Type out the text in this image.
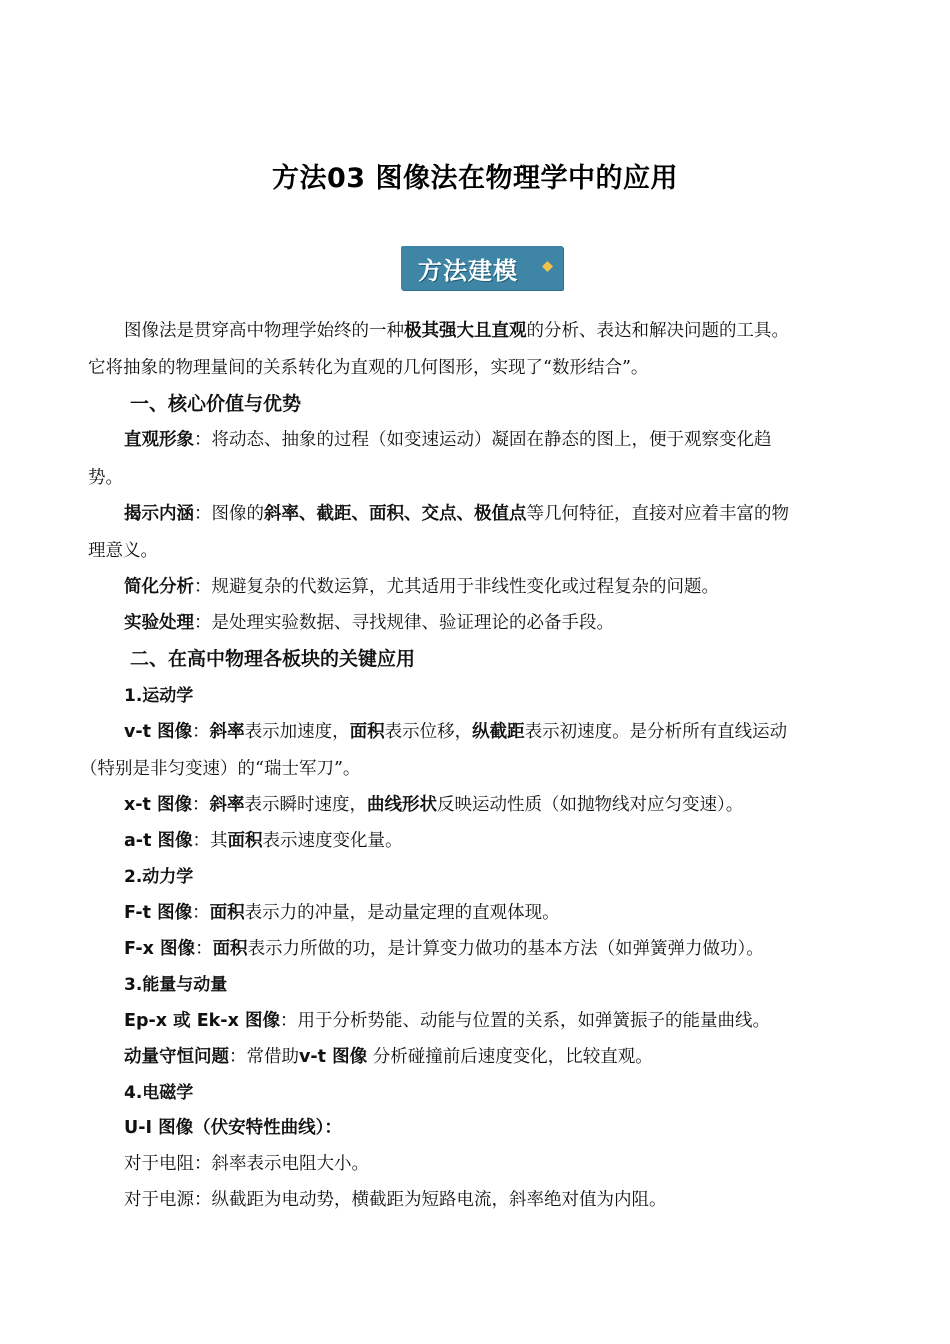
方法03 图像法在物理学中的应用
方法建模
图像法是贯穿高中物理学始终的一种极其强大且直观的分析、表达和解决问题的工具。
它将抽象的物理量间的关系转化为直观的几何图形，实现了“数形结合”。
一、核心价值与优势
直观形象：将动态、抽象的过程（如变速运动）凝固在静态的图上，便于观察变化趋
势。
揭示内涵：图像的斜率、截距、面积、交点、极值点等几何特征，直接对应着丰富的物
理意义。
简化分析：规避复杂的代数运算，尤其适用于非线性变化或过程复杂的问题。
实验处理：是处理实验数据、寻找规律、验证理论的必备手段。
二、在高中物理各板块的关键应用
1.运动学
v-t 图像：斜率表示加速度，面积表示位移，纵截距表示初速度。是分析所有直线运动
（特别是非匀变速）的“瑞士军刀”。
x-t 图像：斜率表示瞬时速度，曲线形状反映运动性质（如抛物线对应匀变速）。
a-t 图像：其面积表示速度变化量。
2.动力学
F-t 图像：面积表示力的冲量，是动量定理的直观体现。
F-x 图像：面积表示力所做的功，是计算变力做功的基本方法（如弹簧弹力做功）。
3.能量与动量
Ep-x 或 Ek-x 图像：用于分析势能、动能与位置的关系，如弹簧振子的能量曲线。
动量守恒问题：常借助v-t 图像 分析碰撞前后速度变化，比较直观。
4.电磁学
U-I 图像（伏安特性曲线）：
对于电阻：斜率表示电阻大小。
对于电源：纵截距为电动势，横截距为短路电流，斜率绝对值为内阻。
